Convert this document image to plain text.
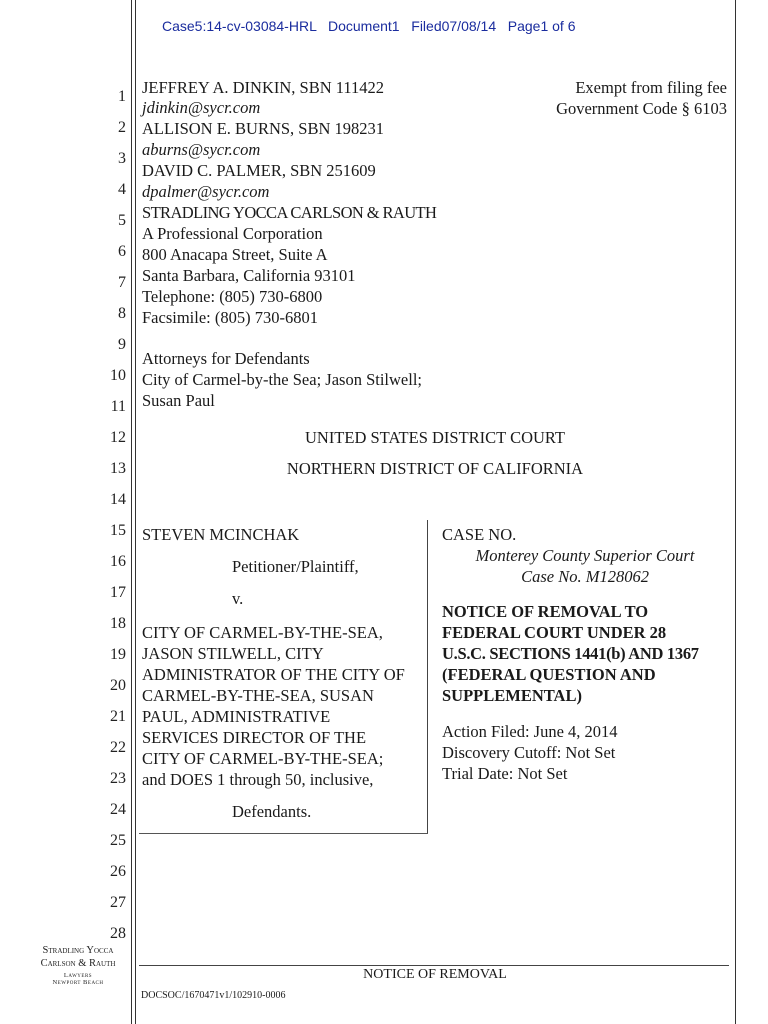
Case5:14-cv-03084-HRL   Document1   Filed07/08/14   Page1 of 6
1
2
3
4
5
6
7
8
9
10
11
12
13
14
15
16
17
18
19
20
21
22
23
24
25
26
27
28
JEFFREY A. DINKIN, SBN 111422
jdinkin@sycr.com
ALLISON E. BURNS, SBN 198231
aburns@sycr.com
DAVID C. PALMER, SBN 251609
dpalmer@sycr.com
STRADLING YOCCA CARLSON & RAUTH
A Professional Corporation
800 Anacapa Street, Suite A
Santa Barbara, California 93101
Telephone: (805) 730-6800
Facsimile: (805) 730-6801
Attorneys for Defendants
City of Carmel-by-the Sea; Jason Stilwell;
Susan Paul
Exempt from filing fee
Government Code § 6103
UNITED STATES DISTRICT COURT
NORTHERN DISTRICT OF CALIFORNIA
STEVEN MCINCHAK
Petitioner/Plaintiff,
v.
CITY OF CARMEL-BY-THE-SEA,
JASON STILWELL, CITY
ADMINISTRATOR OF THE CITY OF
CARMEL-BY-THE-SEA, SUSAN
PAUL, ADMINISTRATIVE
SERVICES DIRECTOR OF THE
CITY OF CARMEL-BY-THE-SEA;
and DOES 1 through 50, inclusive,
Defendants.
CASE NO.
Monterey County Superior Court
Case No. M128062
NOTICE OF REMOVAL TO
FEDERAL COURT UNDER 28
U.S.C. SECTIONS 1441(b) AND 1367
(FEDERAL QUESTION AND
SUPPLEMENTAL)
Action Filed: June 4, 2014
Discovery Cutoff: Not Set
Trial Date: Not Set
Stradling Yocca
Carlson & Rauth
Lawyers
Newport Beach
NOTICE OF REMOVAL
DOCSOC/1670471v1/102910-0006
